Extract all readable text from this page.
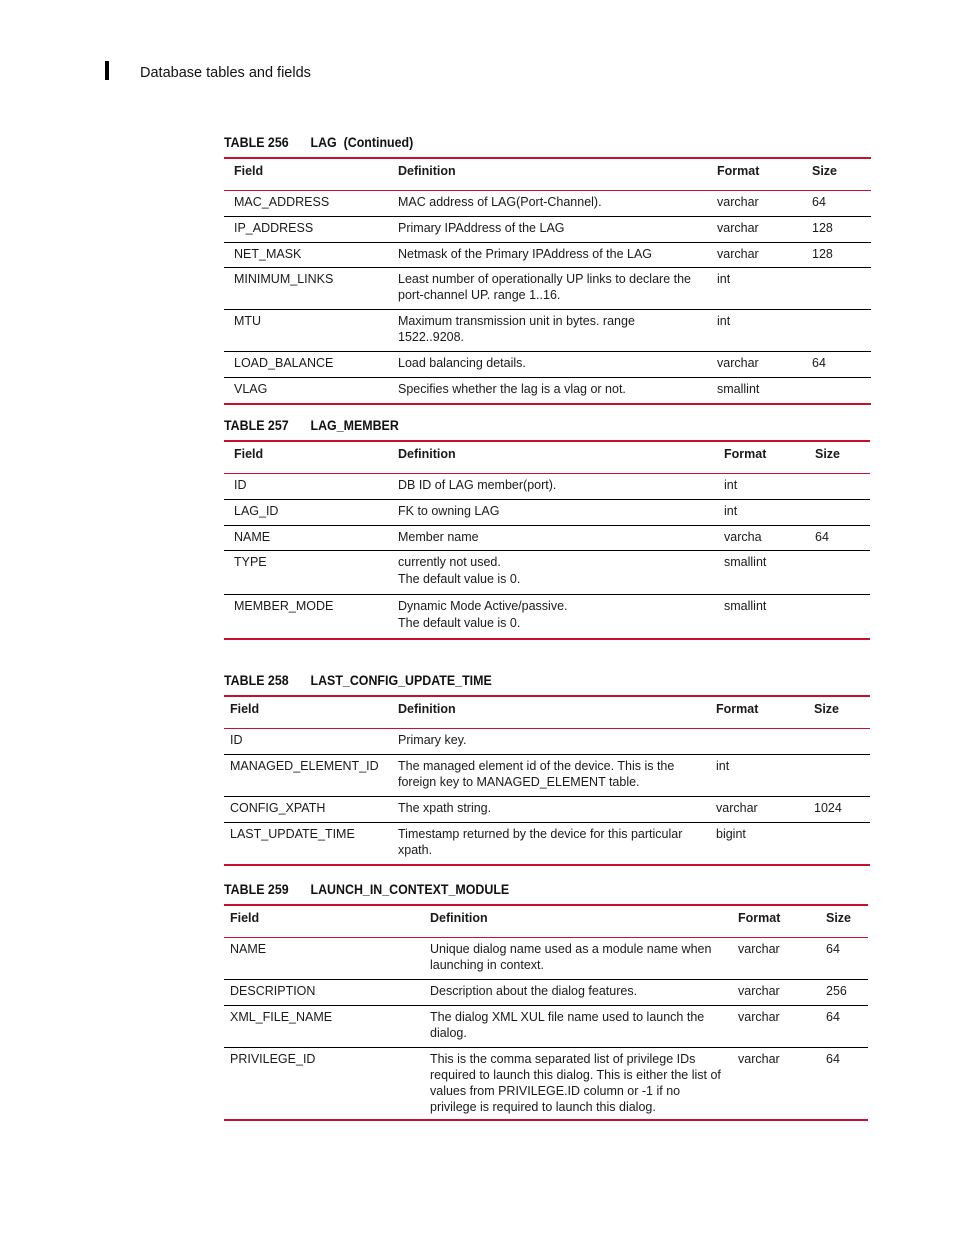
Database tables and fields
TABLE 256 LAG  (Continued)
Field	Definition	Format	Size
MAC_ADDRESS	MAC address of LAG(Port-Channel).	varchar	64
IP_ADDRESS	Primary IPAddress of the LAG	varchar	128
NET_MASK	Netmask of the Primary IPAddress of the LAG	varchar	128
MINIMUM_LINKS	Least number of operationally UP links to declare the port-channel UP. range 1..16.	int	
MTU	Maximum transmission unit in bytes. range 1522..9208.	int	
LOAD_BALANCE	Load balancing details.	varchar	64
VLAG	Specifies whether the lag is a vlag or not.	smallint	
TABLE 257 LAG_MEMBER
Field	Definition	Format	Size
ID	DB ID of LAG member(port).	int	
LAG_ID	FK to owning LAG	int	
NAME	Member name	varcha	64
TYPE	currently not used.
The default value is 0.	smallint	
MEMBER_MODE	Dynamic Mode Active/passive.
The default value is 0.	smallint	
TABLE 258 LAST_CONFIG_UPDATE_TIME
Field	Definition	Format	Size
ID	Primary key.		
MANAGED_ELEMENT_ID	The managed element id of the device. This is the foreign key to MANAGED_ELEMENT table.	int	
CONFIG_XPATH	The xpath string.	varchar	1024
LAST_UPDATE_TIME	Timestamp returned by the device for this particular xpath.	bigint	
TABLE 259 LAUNCH_IN_CONTEXT_MODULE
Field	Definition	Format	Size
NAME	Unique dialog name used as a module name when launching in context.	varchar	64
DESCRIPTION	Description about the dialog features.	varchar	256
XML_FILE_NAME	The dialog XML XUL file name used to launch the dialog.	varchar	64
PRIVILEGE_ID	This is the comma separated list of privilege IDs required to launch this dialog. This is either the list of values from PRIVILEGE.ID column or -1 if no privilege is required to launch this dialog.	varchar	64
